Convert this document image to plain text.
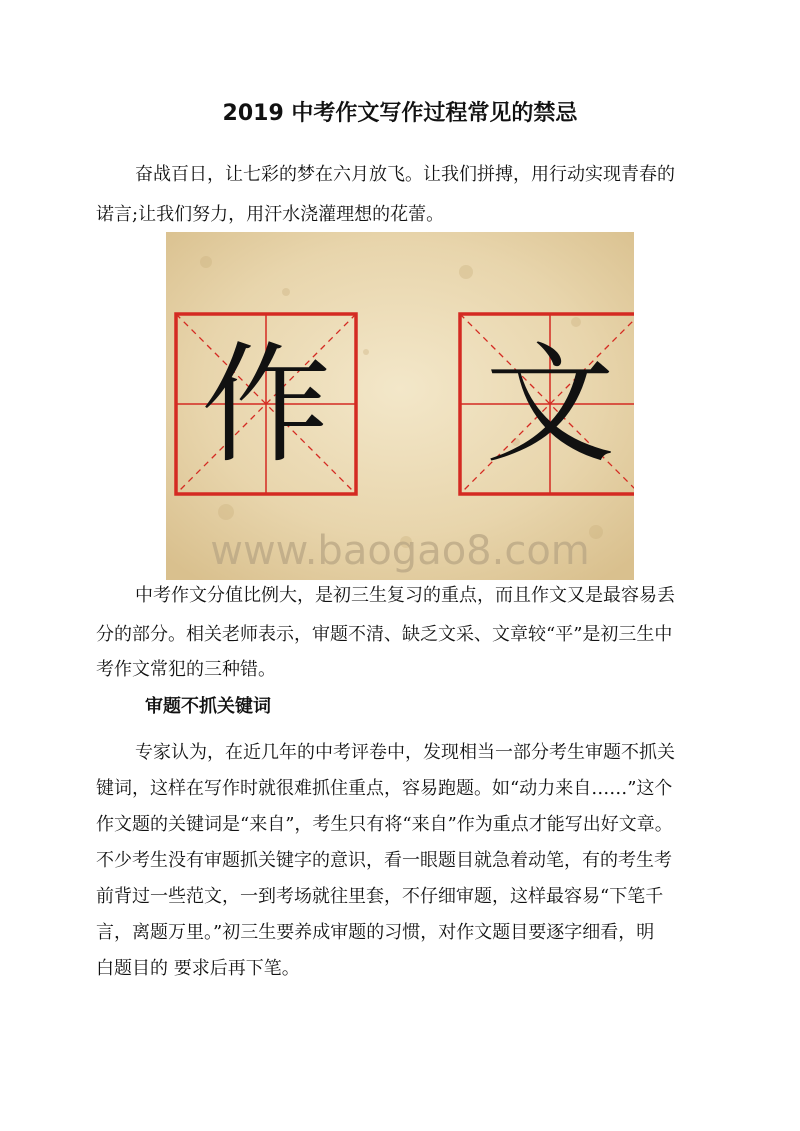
2019 中考作文写作过程常见的禁忌
奋战百日，让七彩的梦在六月放飞。让我们拼搏，用行动实现青春的
诺言;让我们努力，用汗水浇灌理想的花蕾。
作 文
www.baogao8.com
中考作文分值比例大，是初三生复习的重点，而且作文又是最容易丢
分的部分。相关老师表示，审题不清、缺乏文采、文章较“平”是初三生中
考作文常犯的三种错。
审题不抓关键词
专家认为，在近几年的中考评卷中，发现相当一部分考生审题不抓关
键词，这样在写作时就很难抓住重点，容易跑题。如“动力来自……”这个
作文题的关键词是“来自”，考生只有将“来自”作为重点才能写出好文章。
不少考生没有审题抓关键字的意识，看一眼题目就急着动笔，有的考生考
前背过一些范文，一到考场就往里套，不仔细审题，这样最容易“下笔千
言，离题万里。”初三生要养成审题的习惯，对作文题目要逐字细看，明
白题目的 要求后再下笔。
